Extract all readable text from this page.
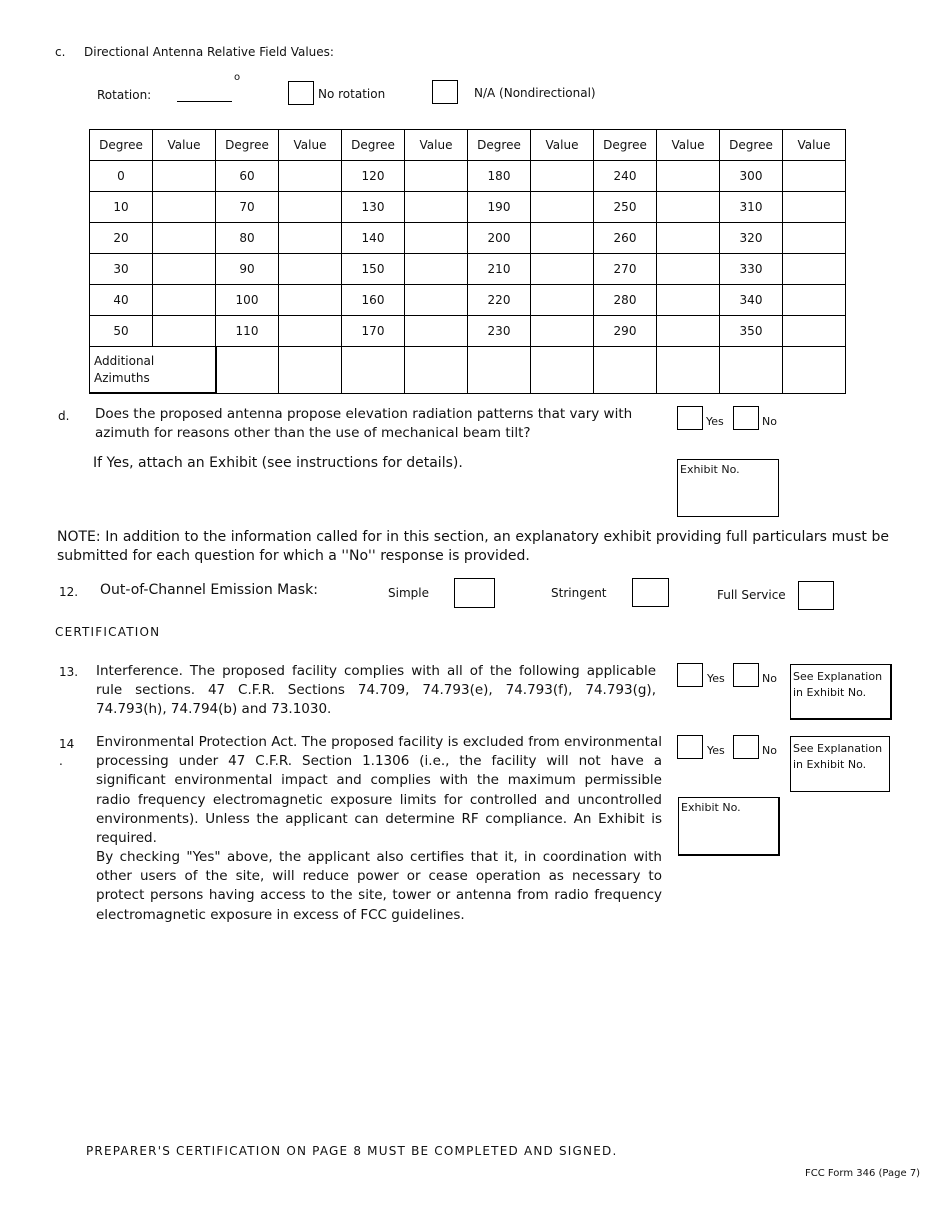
c. Directional Antenna Relative Field Values:
Rotation:
o
No rotation	N/A (Nondirectional)
Degree	Value	Degree	Value	Degree	Value	Degree	Value	Degree	Value	Degree	Value
0		60		120		180		240		300	
10		70		130		190		250		310	
20		80		140		200		260		320	
30		90		150		210		270		330	
40		100		160		220		280		340	
50		110		170		230		290		350	

Additional
Azimuths											

d. Does the proposed antenna propose elevation radiation patterns that vary with azimuth for reasons other than the use of mechanical beam tilt?
If Yes, attach an Exhibit (see instructions for details).
Yes	No
Exhibit No.
NOTE: In addition to the information called for in this section, an explanatory exhibit providing full particulars must be submitted for each question for which a ''No'' response is provided.
12. Out-of-Channel Emission Mask:	Simple	Stringent	Full Service
CERTIFICATION
13. Interference. The proposed facility complies with all of the following applicable rule sections. 47 C.F.R. Sections 74.709, 74.793(e), 74.793(f), 74.793(g), 74.793(h), 74.794(b) and 73.1030.
Yes	No See Explanation
in Exhibit No.
14
.
Environmental Protection Act. The proposed facility is excluded from environmental processing under 47 C.F.R. Section 1.1306 (i.e., the facility will not have a significant environmental impact and complies with the maximum permissible radio frequency electromagnetic exposure limits for controlled and uncontrolled environments). Unless the applicant can determine RF compliance. An Exhibit is required.
By checking "Yes" above, the applicant also certifies that it, in coordination with other users of the site, will reduce power or cease operation as necessary to protect persons having access to the site, tower or antenna from radio frequency electromagnetic exposure in excess of FCC guidelines.
Yes	No See Explanation
in Exhibit No.
Exhibit No.
PREPARER'S CERTIFICATION ON PAGE 8 MUST BE COMPLETED AND SIGNED.
FCC Form 346 (Page 7)
